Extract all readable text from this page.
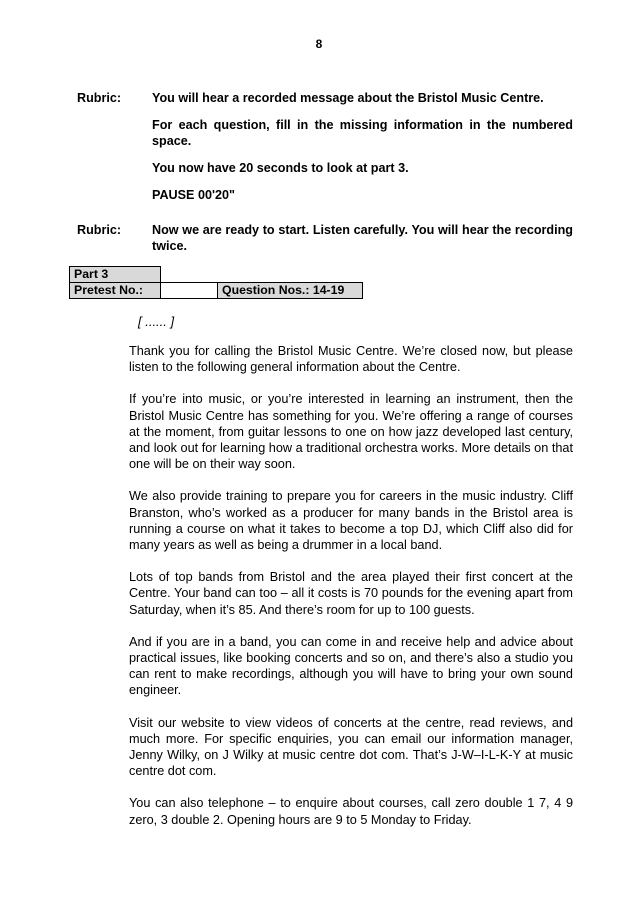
8
Rubric:	You will hear a recorded message about the Bristol Music Centre.

For each question, fill in the missing information in the numbered space.

You now have 20 seconds to look at part 3.

PAUSE 00'20"

Rubric:	Now we are ready to start. Listen carefully. You will hear the recording twice.

Part 3		
Pretest No.:		Question Nos.: 14-19
[ ...... ]

Thank you for calling the Bristol Music Centre. We’re closed now, but please listen to the following general information about the Centre.

If you’re into music, or you’re interested in learning an instrument, then the Bristol Music Centre has something for you. We’re offering a range of courses at the moment, from guitar lessons to one on how jazz developed last century, and look out for learning how a traditional orchestra works. More details on that one will be on their way soon.

We also provide training to prepare you for careers in the music industry. Cliff Branston, who’s worked as a producer for many bands in the Bristol area is running a course on what it takes to become a top DJ, which Cliff also did for many years as well as being a drummer in a local band.

Lots of top bands from Bristol and the area played their first concert at the Centre. Your band can too – all it costs is 70 pounds for the evening apart from Saturday, when it’s 85. And there’s room for up to 100 guests.

And if you are in a band, you can come in and receive help and advice about practical issues, like booking concerts and so on, and there’s also a studio you can rent to make recordings, although you will have to bring your own sound engineer.

Visit our website to view videos of concerts at the centre, read reviews, and much more. For specific enquiries, you can email our information manager, Jenny Wilky, on J Wilky at music centre dot com. That’s J-W–I-L-K-Y at music centre dot com.

You can also telephone – to enquire about courses, call zero double 1 7, 4 9 zero, 3 double 2. Opening hours are 9 to 5 Monday to Friday.
